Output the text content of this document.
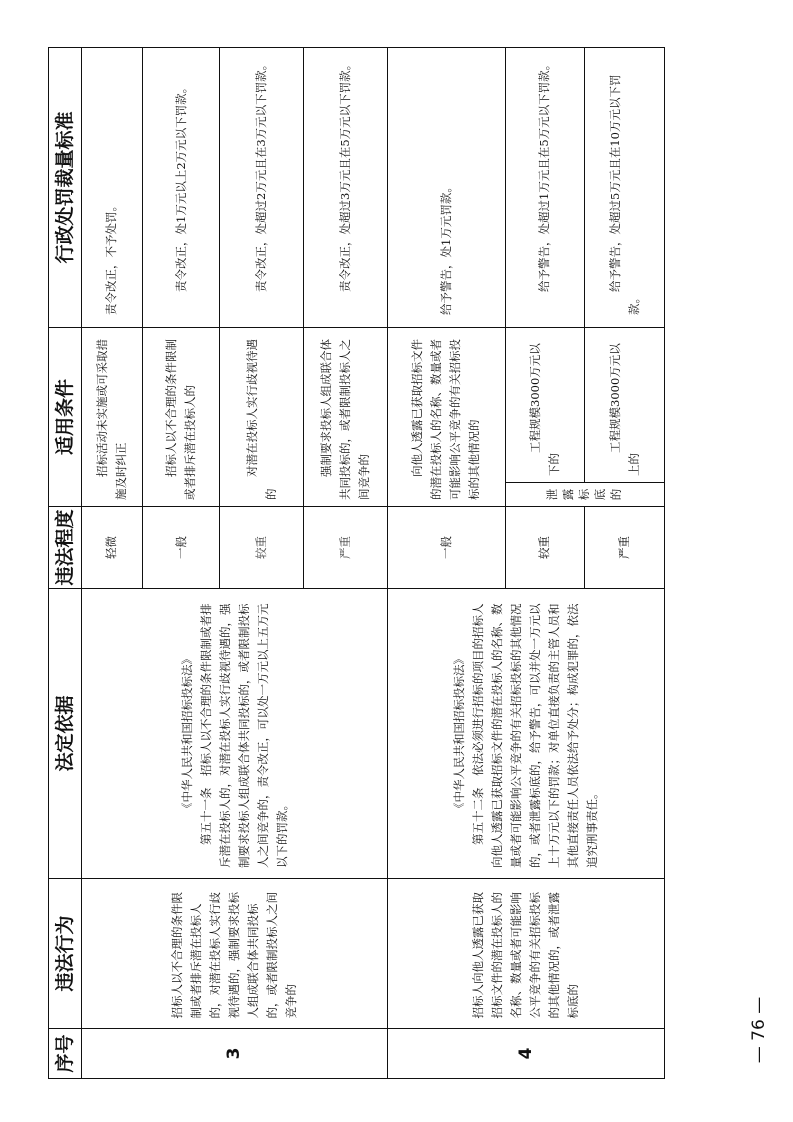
序号	违法行为	法定依据	违法程度	适用条件		行政处罚裁量标准
3	招标人以不合理的条件限制或者排斥潜在投标人的，对潜在投标人实行歧视待遇的，强制要求投标人组成联合体共同投标的，或者限制投标人之间竞争的	《中华人民共和国招标投标法》 第五十一条　招标人以不合理的条件限制或者排斥潜在投标人的，对潜在投标人实行歧视待遇的，强制要求投标人组成联合体共同投标的，或者限制投标人之间竞争的，责令改正，可以处一万元以上五万元以下的罚款。	轻微	招标活动未实施或可采取措施及时纠正		责令改正，不予处罚。
			一般	招标人以不合理的条件限制或者排斥潜在投标人的		责令改正，处1万元以上2万元以下罚款。
			较重	对潜在投标人实行歧视待遇的		责令改正，处超过2万元且在3万元以下罚款。
			严重	强制要求投标人组成联合体共同投标的，或者限制投标人之间竞争的		责令改正，处超过3万元且在5万元以下罚款。
4	招标人向他人透露已获取招标文件的潜在投标人的名称、数量或者可能影响公平竞争的有关招标投标的其他情况的，或者泄露标底的	《中华人民共和国招标投标法》 第五十二条　依法必须进行招标的项目的招标人向他人透露已获取招标文件的潜在投标人的名称、数量或者可能影响公平竞争的有关招标投标的其他情况的，或者泄露标底的，给予警告，可以并处一万元以上十万元以下的罚款；对单位直接负责的主管人员和其他直接责任人员依法给予处分；构成犯罪的，依法追究刑事责任。	一般	向他人透露已获取招标文件的潜在投标人的名称、数量或者可能影响公平竞争的有关招标投标的其他情况的		给予警告，处1万元罚款。
			较重	泄露标底的	工程规模3000万元以下的	给予警告，处超过1万元且在5万元以下罚款。
			严重		工程规模3000万元以上的	给予警告，处超过5万元且在10万元以下罚款。
— 76 —
